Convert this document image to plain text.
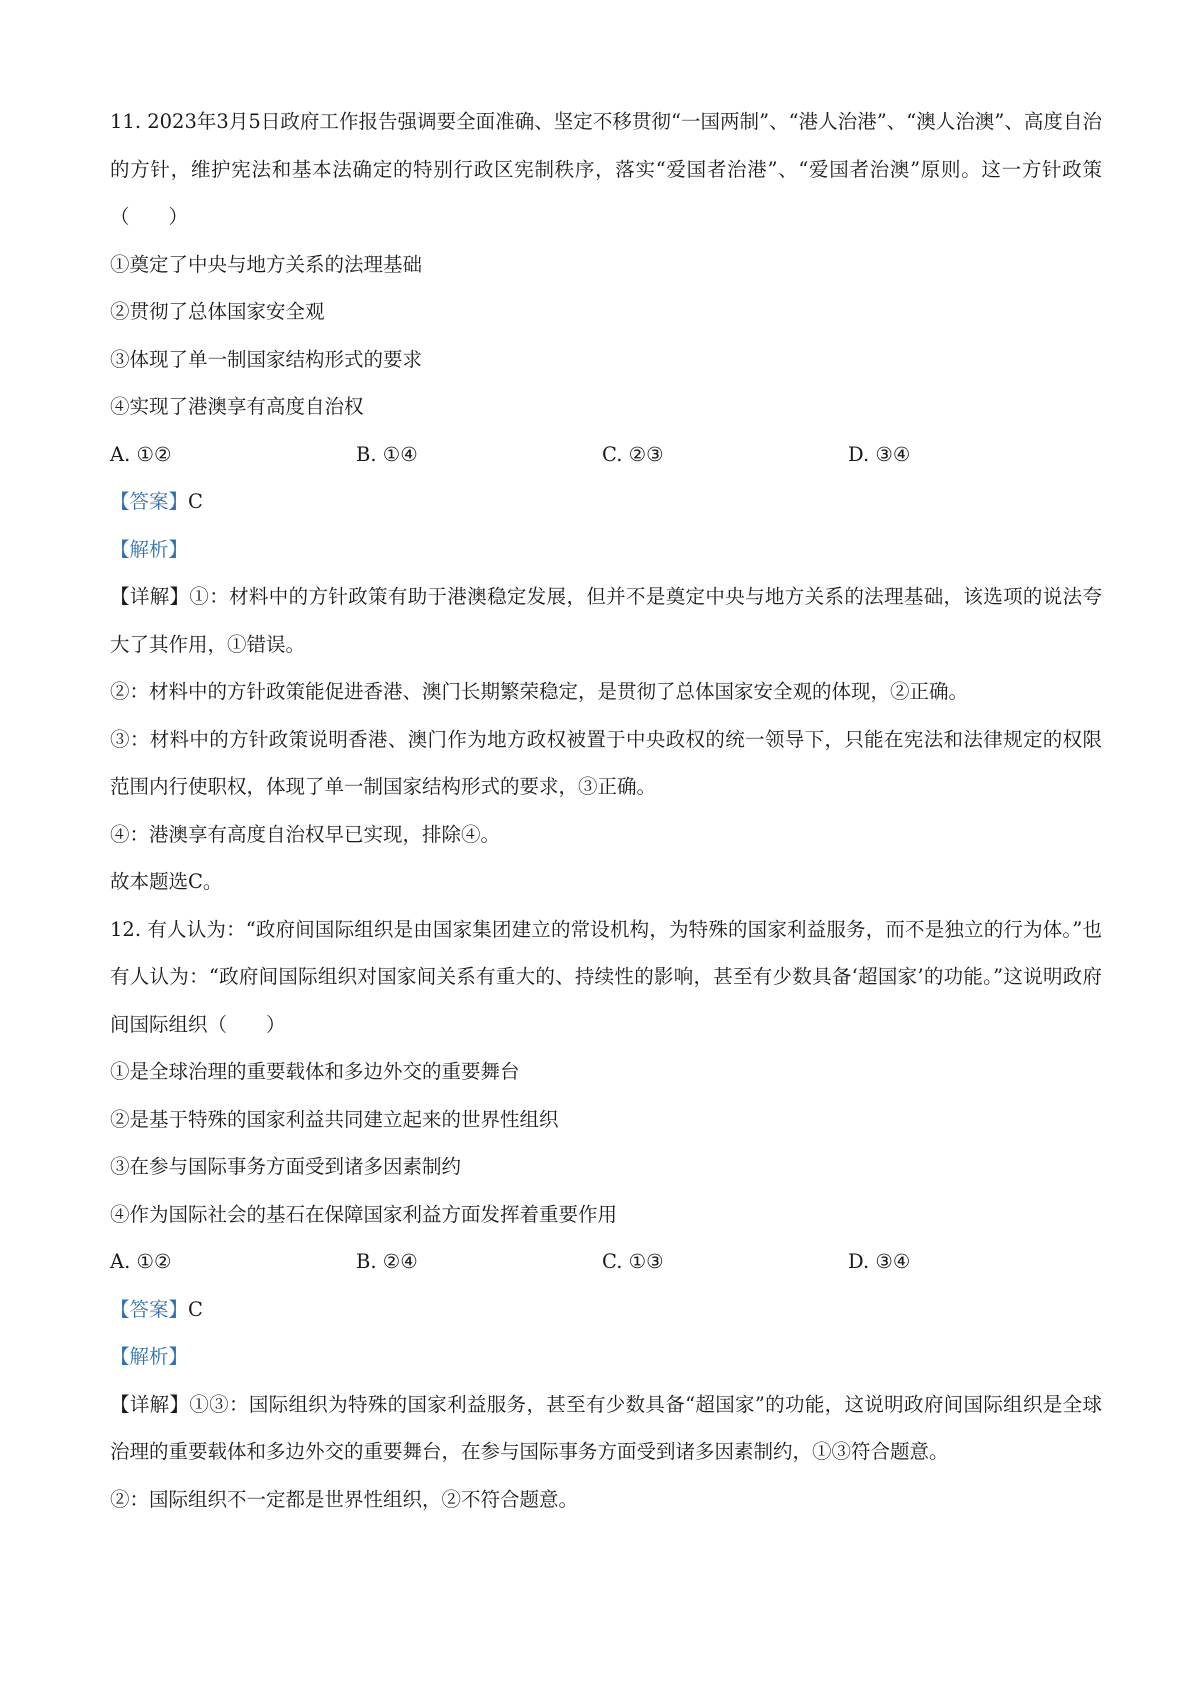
11. 2023年3月5日政府工作报告强调要全面准确、坚定不移贯彻“一国两制”、“港人治港”、“澳人治澳”、高度自治的方针，维护宪法和基本法确定的特别行政区宪制秩序，落实“爱国者治港”、“爱国者治澳”原则。这一方针政策（　　）
①奠定了中央与地方关系的法理基础
②贯彻了总体国家安全观
③体现了单一制国家结构形式的要求
④实现了港澳享有高度自治权
A. ①②	B. ①④	C. ②③	D. ③④
【答案】C
【解析】
【详解】①：材料中的方针政策有助于港澳稳定发展，但并不是奠定中央与地方关系的法理基础，该选项的说法夸大了其作用，①错误。
②：材料中的方针政策能促进香港、澳门长期繁荣稳定，是贯彻了总体国家安全观的体现，②正确。
③：材料中的方针政策说明香港、澳门作为地方政权被置于中央政权的统一领导下，只能在宪法和法律规定的权限范围内行使职权，体现了单一制国家结构形式的要求，③正确。
④：港澳享有高度自治权早已实现，排除④。
故本题选C。
12. 有人认为：“政府间国际组织是由国家集团建立的常设机构，为特殊的国家利益服务，而不是独立的行为体。”也有人认为：“政府间国际组织对国家间关系有重大的、持续性的影响，甚至有少数具备‘超国家’的功能。”这说明政府间国际组织（　　）
①是全球治理的重要载体和多边外交的重要舞台
②是基于特殊的国家利益共同建立起来的世界性组织
③在参与国际事务方面受到诸多因素制约
④作为国际社会的基石在保障国家利益方面发挥着重要作用
A. ①②	B. ②④	C. ①③	D. ③④
【答案】C
【解析】
【详解】①③：国际组织为特殊的国家利益服务，甚至有少数具备“超国家”的功能，这说明政府间国际组织是全球治理的重要载体和多边外交的重要舞台，在参与国际事务方面受到诸多因素制约，①③符合题意。
②：国际组织不一定都是世界性组织，②不符合题意。
